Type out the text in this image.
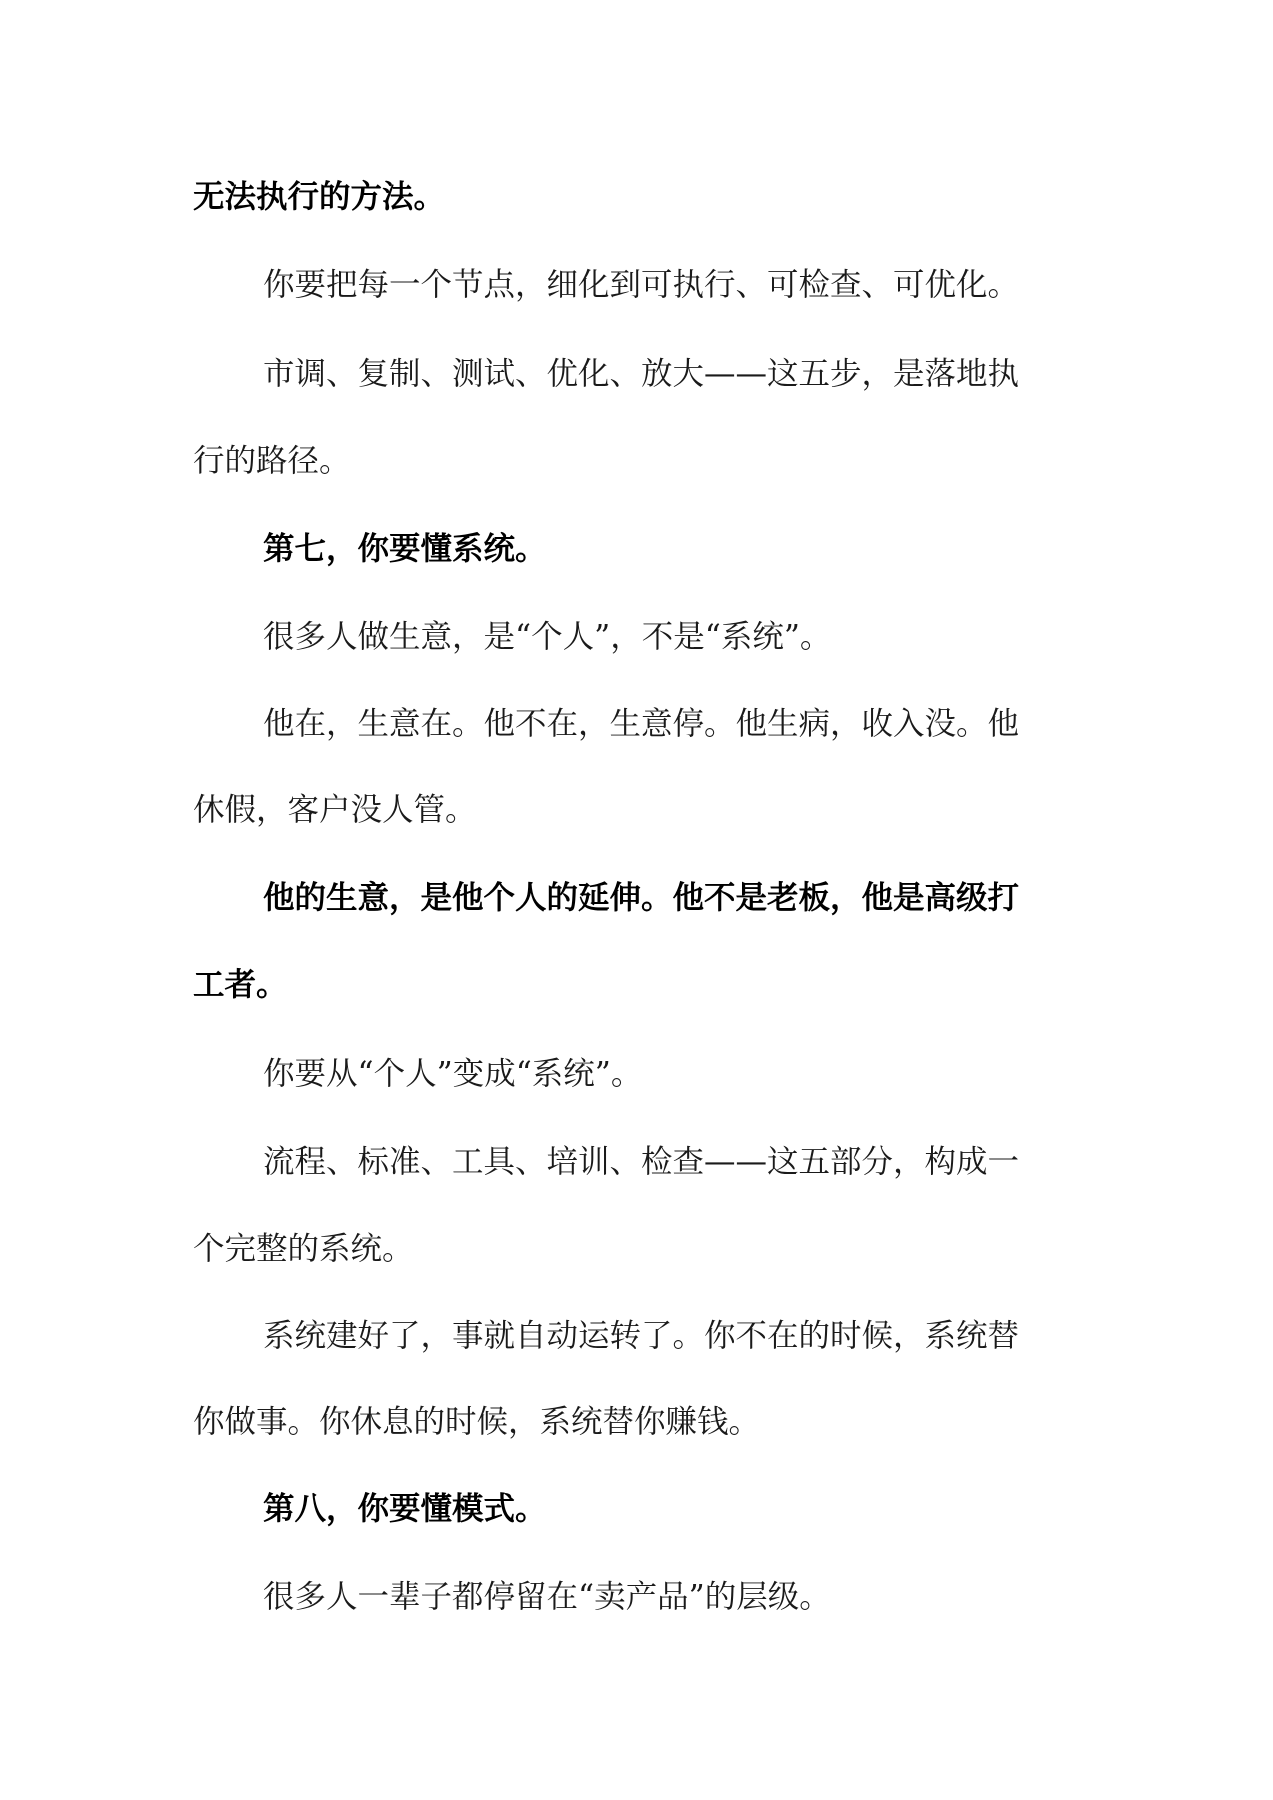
无法执行的方法。

你要把每一个节点，细化到可执行、可检查、可优化。

市调、复制、测试、优化、放大——这五步，是落地执

行的路径。

第七，你要懂系统。

很多人做生意，是“个人”，不是“系统”。

他在，生意在。他不在，生意停。他生病，收入没。他

休假，客户没人管。

他的生意，是他个人的延伸。他不是老板，他是高级打

工者。

你要从“个人”变成“系统”。

流程、标准、工具、培训、检查——这五部分，构成一

个完整的系统。

系统建好了，事就自动运转了。你不在的时候，系统替

你做事。你休息的时候，系统替你赚钱。

第八，你要懂模式。

很多人一辈子都停留在“卖产品”的层级。
